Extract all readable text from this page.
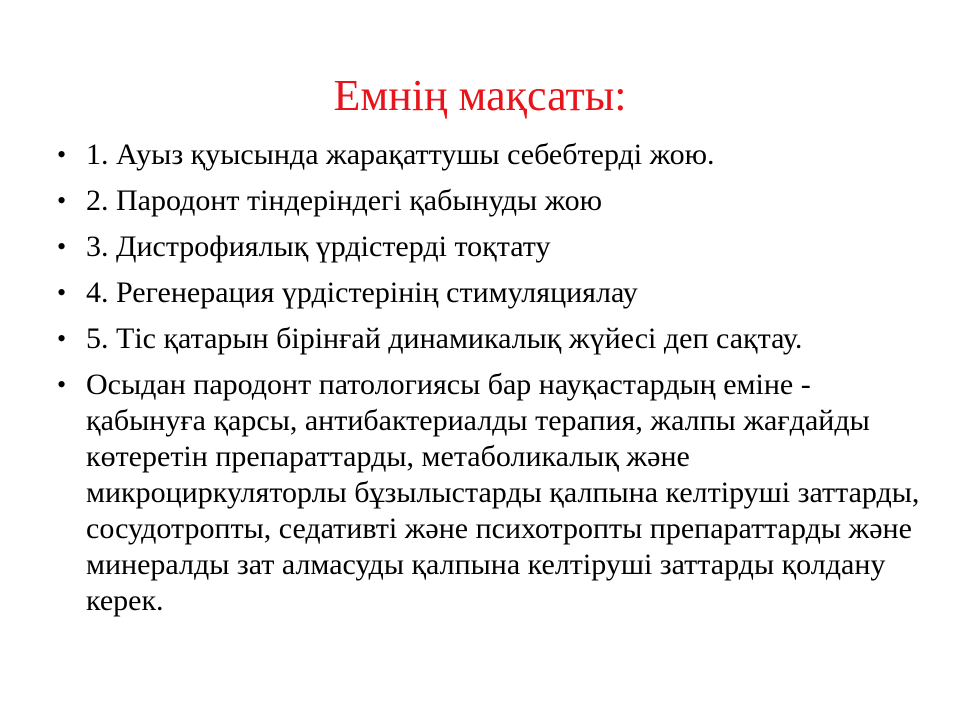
Емнің мақсаты:
• 1. Ауыз қуысында жарақаттушы себебтерді жою.
• 2. Пародонт тіндеріндегі қабынуды жою
• 3. Дистрофиялық үрдістерді тоқтату
• 4. Регенерация үрдістерінің стимуляциялау
• 5. Тіс қатарын бірінғай динамикалық жүйесі деп сақтау.
• Осыдан пародонт патологиясы бар науқастардың еміне - қабынуға қарсы, антибактериалды терапия, жалпы жағдайды көтеретін препараттарды, метаболикалық және микроциркуляторлы бұзылыстарды қалпына келтіруші заттарды, сосудотропты, седативті және психотропты препараттарды және минералды зат алмасуды қалпына келтіруші заттарды қолдану керек.
